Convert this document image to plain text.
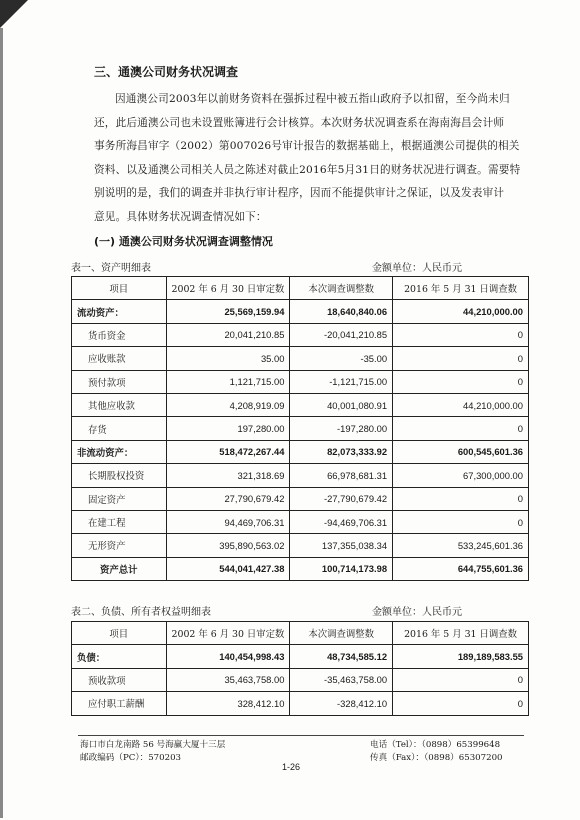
三、通澳公司财务状况调查

因通澳公司2003年以前财务资料在强拆过程中被五指山政府予以扣留，至今尚未归

还，此后通澳公司也未设置账簿进行会计核算。本次财务状况调查系在海南海昌会计师

事务所海昌审字（2002）第007026号审计报告的数据基础上，根据通澳公司提供的相关

资料、以及通澳公司相关人员之陈述对截止2016年5月31日的财务状况进行调查。需要特

别说明的是，我们的调查并非执行审计程序，因而不能提供审计之保证，以及发表审计

意见。具体财务状况调查情况如下：

(一) 通澳公司财务状况调查调整情况
表一、资产明细表	金额单位：人民币元
项目	2002 年 6 月 30 日审定数	本次调查调整数	2016 年 5 月 31 日调查数
流动资产：	25,569,159.94	18,640,840.06	44,210,000.00
货币资金	20,041,210.85	-20,041,210.85	0
应收账款	35.00	-35.00	0
预付款项	1,121,715.00	-1,121,715.00	0
其他应收款	4,208,919.09	40,001,080.91	44,210,000.00
存货	197,280.00	-197,280.00	0
非流动资产：	518,472,267.44	82,073,333.92	600,545,601.36
长期股权投资	321,318.69	66,978,681.31	67,300,000.00
固定资产	27,790,679.42	-27,790,679.42	0
在建工程	94,469,706.31	-94,469,706.31	0
无形资产	395,890,563.02	137,355,038.34	533,245,601.36
资产总计	544,041,427.38	100,714,173.98	644,755,601.36
表二、负债、所有者权益明细表	金额单位：人民币元
项目	2002 年 6 月 30 日审定数	本次调查调整数	2016 年 5 月 31 日调查数
负债：	140,454,998.43	48,734,585.12	189,189,583.55
预收款项	35,463,758.00	-35,463,758.00	0
应付职工薪酬	328,412.10	-328,412.10	0
海口市白龙南路 56 号海赢大厦十三层
邮政编码（PC）：570203
电话（Tel）：（0898）65399648
传真（Fax）：（0898）65307200
1-26
